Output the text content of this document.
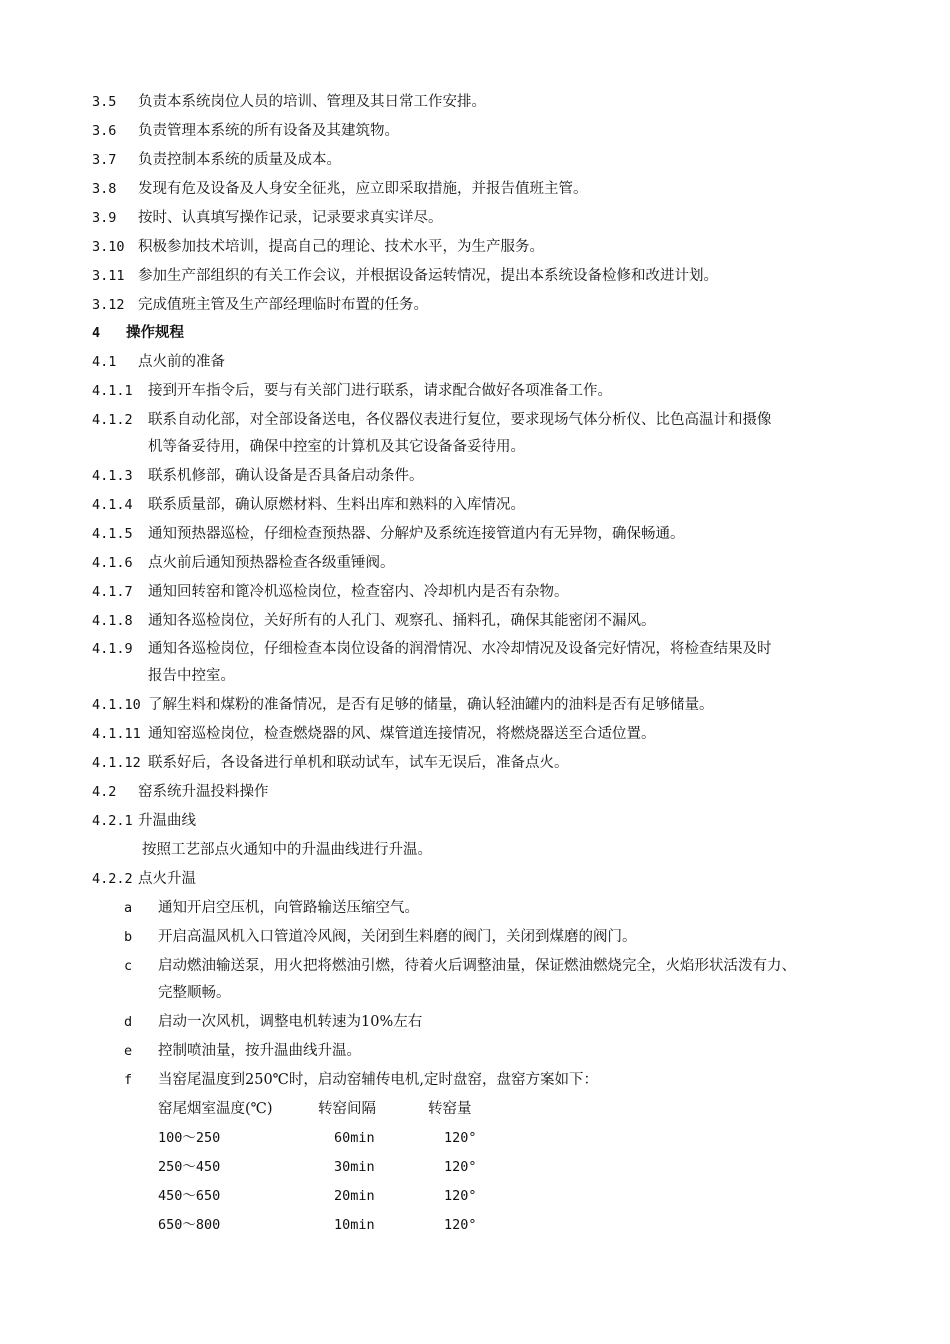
3.5 负责本系统岗位人员的培训、管理及其日常工作安排。
3.6 负责管理本系统的所有设备及其建筑物。
3.7 负责控制本系统的质量及成本。
3.8 发现有危及设备及人身安全征兆，应立即采取措施，并报告值班主管。
3.9 按时、认真填写操作记录，记录要求真实详尽。
3.10 积极参加技术培训，提高自己的理论、技术水平，为生产服务。
3.11 参加生产部组织的有关工作会议，并根据设备运转情况，提出本系统设备检修和改进计划。
3.12 完成值班主管及生产部经理临时布置的任务。
4 操作规程
4.1 点火前的准备
4.1.1 接到开车指令后，要与有关部门进行联系，请求配合做好各项准备工作。
4.1.2 联系自动化部，对全部设备送电，各仪器仪表进行复位，要求现场气体分析仪、比色高温计和摄像
机等备妥待用，确保中控室的计算机及其它设备备妥待用。
4.1.3 联系机修部，确认设备是否具备启动条件。
4.1.4 联系质量部，确认原燃材料、生料出库和熟料的入库情况。
4.1.5 通知预热器巡检，仔细检查预热器、分解炉及系统连接管道内有无异物，确保畅通。
4.1.6 点火前后通知预热器检查各级重锤阀。
4.1.7 通知回转窑和篦冷机巡检岗位，检查窑内、冷却机内是否有杂物。
4.1.8 通知各巡检岗位，关好所有的人孔门、观察孔、捅料孔，确保其能密闭不漏风。
4.1.9 通知各巡检岗位，仔细检查本岗位设备的润滑情况、水冷却情况及设备完好情况，将检查结果及时
报告中控室。
4.1.10 了解生料和煤粉的准备情况，是否有足够的储量，确认轻油罐内的油料是否有足够储量。
4.1.11 通知窑巡检岗位，检查燃烧器的风、煤管道连接情况，将燃烧器送至合适位置。
4.1.12 联系好后，各设备进行单机和联动试车，试车无误后，准备点火。
4.2 窑系统升温投料操作
4.2.1 升温曲线
按照工艺部点火通知中的升温曲线进行升温。
4.2.2 点火升温
a 通知开启空压机，向管路输送压缩空气。
b 开启高温风机入口管道冷风阀，关闭到生料磨的阀门，关闭到煤磨的阀门。
c 启动燃油输送泵，用火把将燃油引燃，待着火后调整油量，保证燃油燃烧完全，火焰形状活泼有力、
完整顺畅。
d 启动一次风机，调整电机转速为10%左右
e 控制喷油量，按升温曲线升温。
f 当窑尾温度到250℃时，启动窑辅传电机,定时盘窑，盘窑方案如下：
窑尾烟室温度(℃)	转窑间隔	转窑量
100～250	60min	120°
250～450	30min	120°
450～650	20min	120°
650～800	10min	120°
